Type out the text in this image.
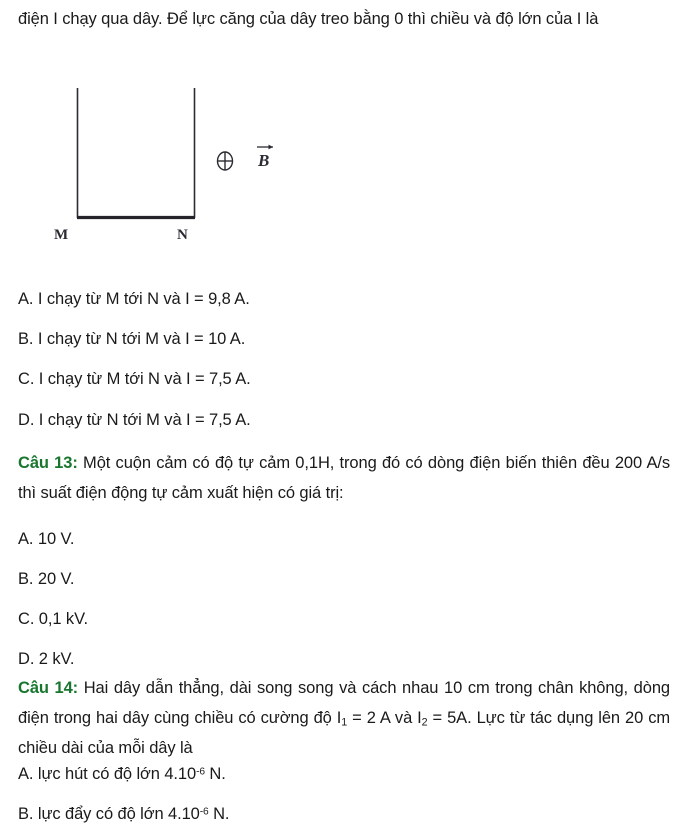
điện I chạy qua dây. Để lực căng của dây treo bằng 0 thì chiều và độ lớn của I là
B
M	N
A. I chạy từ M tới N và I = 9,8 A.
B. I chạy từ N tới M và I = 10 A.
C. I chạy từ M tới N và I = 7,5 A.
D. I chạy từ N tới M và I = 7,5 A.
Câu 13: Một cuộn cảm có độ tự cảm 0,1H, trong đó có dòng điện biến thiên đều 200 A/s thì suất điện động tự cảm xuất hiện có giá trị:
A. 10 V.
B. 20 V.
C. 0,1 kV.
D. 2 kV.
Câu 14: Hai dây dẫn thẳng, dài song song và cách nhau 10 cm trong chân không, dòng điện trong hai dây cùng chiều có cường độ $I_1 = 2$ A và $I_2 = 5A$. Lực từ tác dụng lên 20 cm chiều dài của mỗi dây là
A. lực hút có độ lớn $4.10^{-6}$ N.
B. lực đẩy có độ lớn $4.10^{-6}$ N.
